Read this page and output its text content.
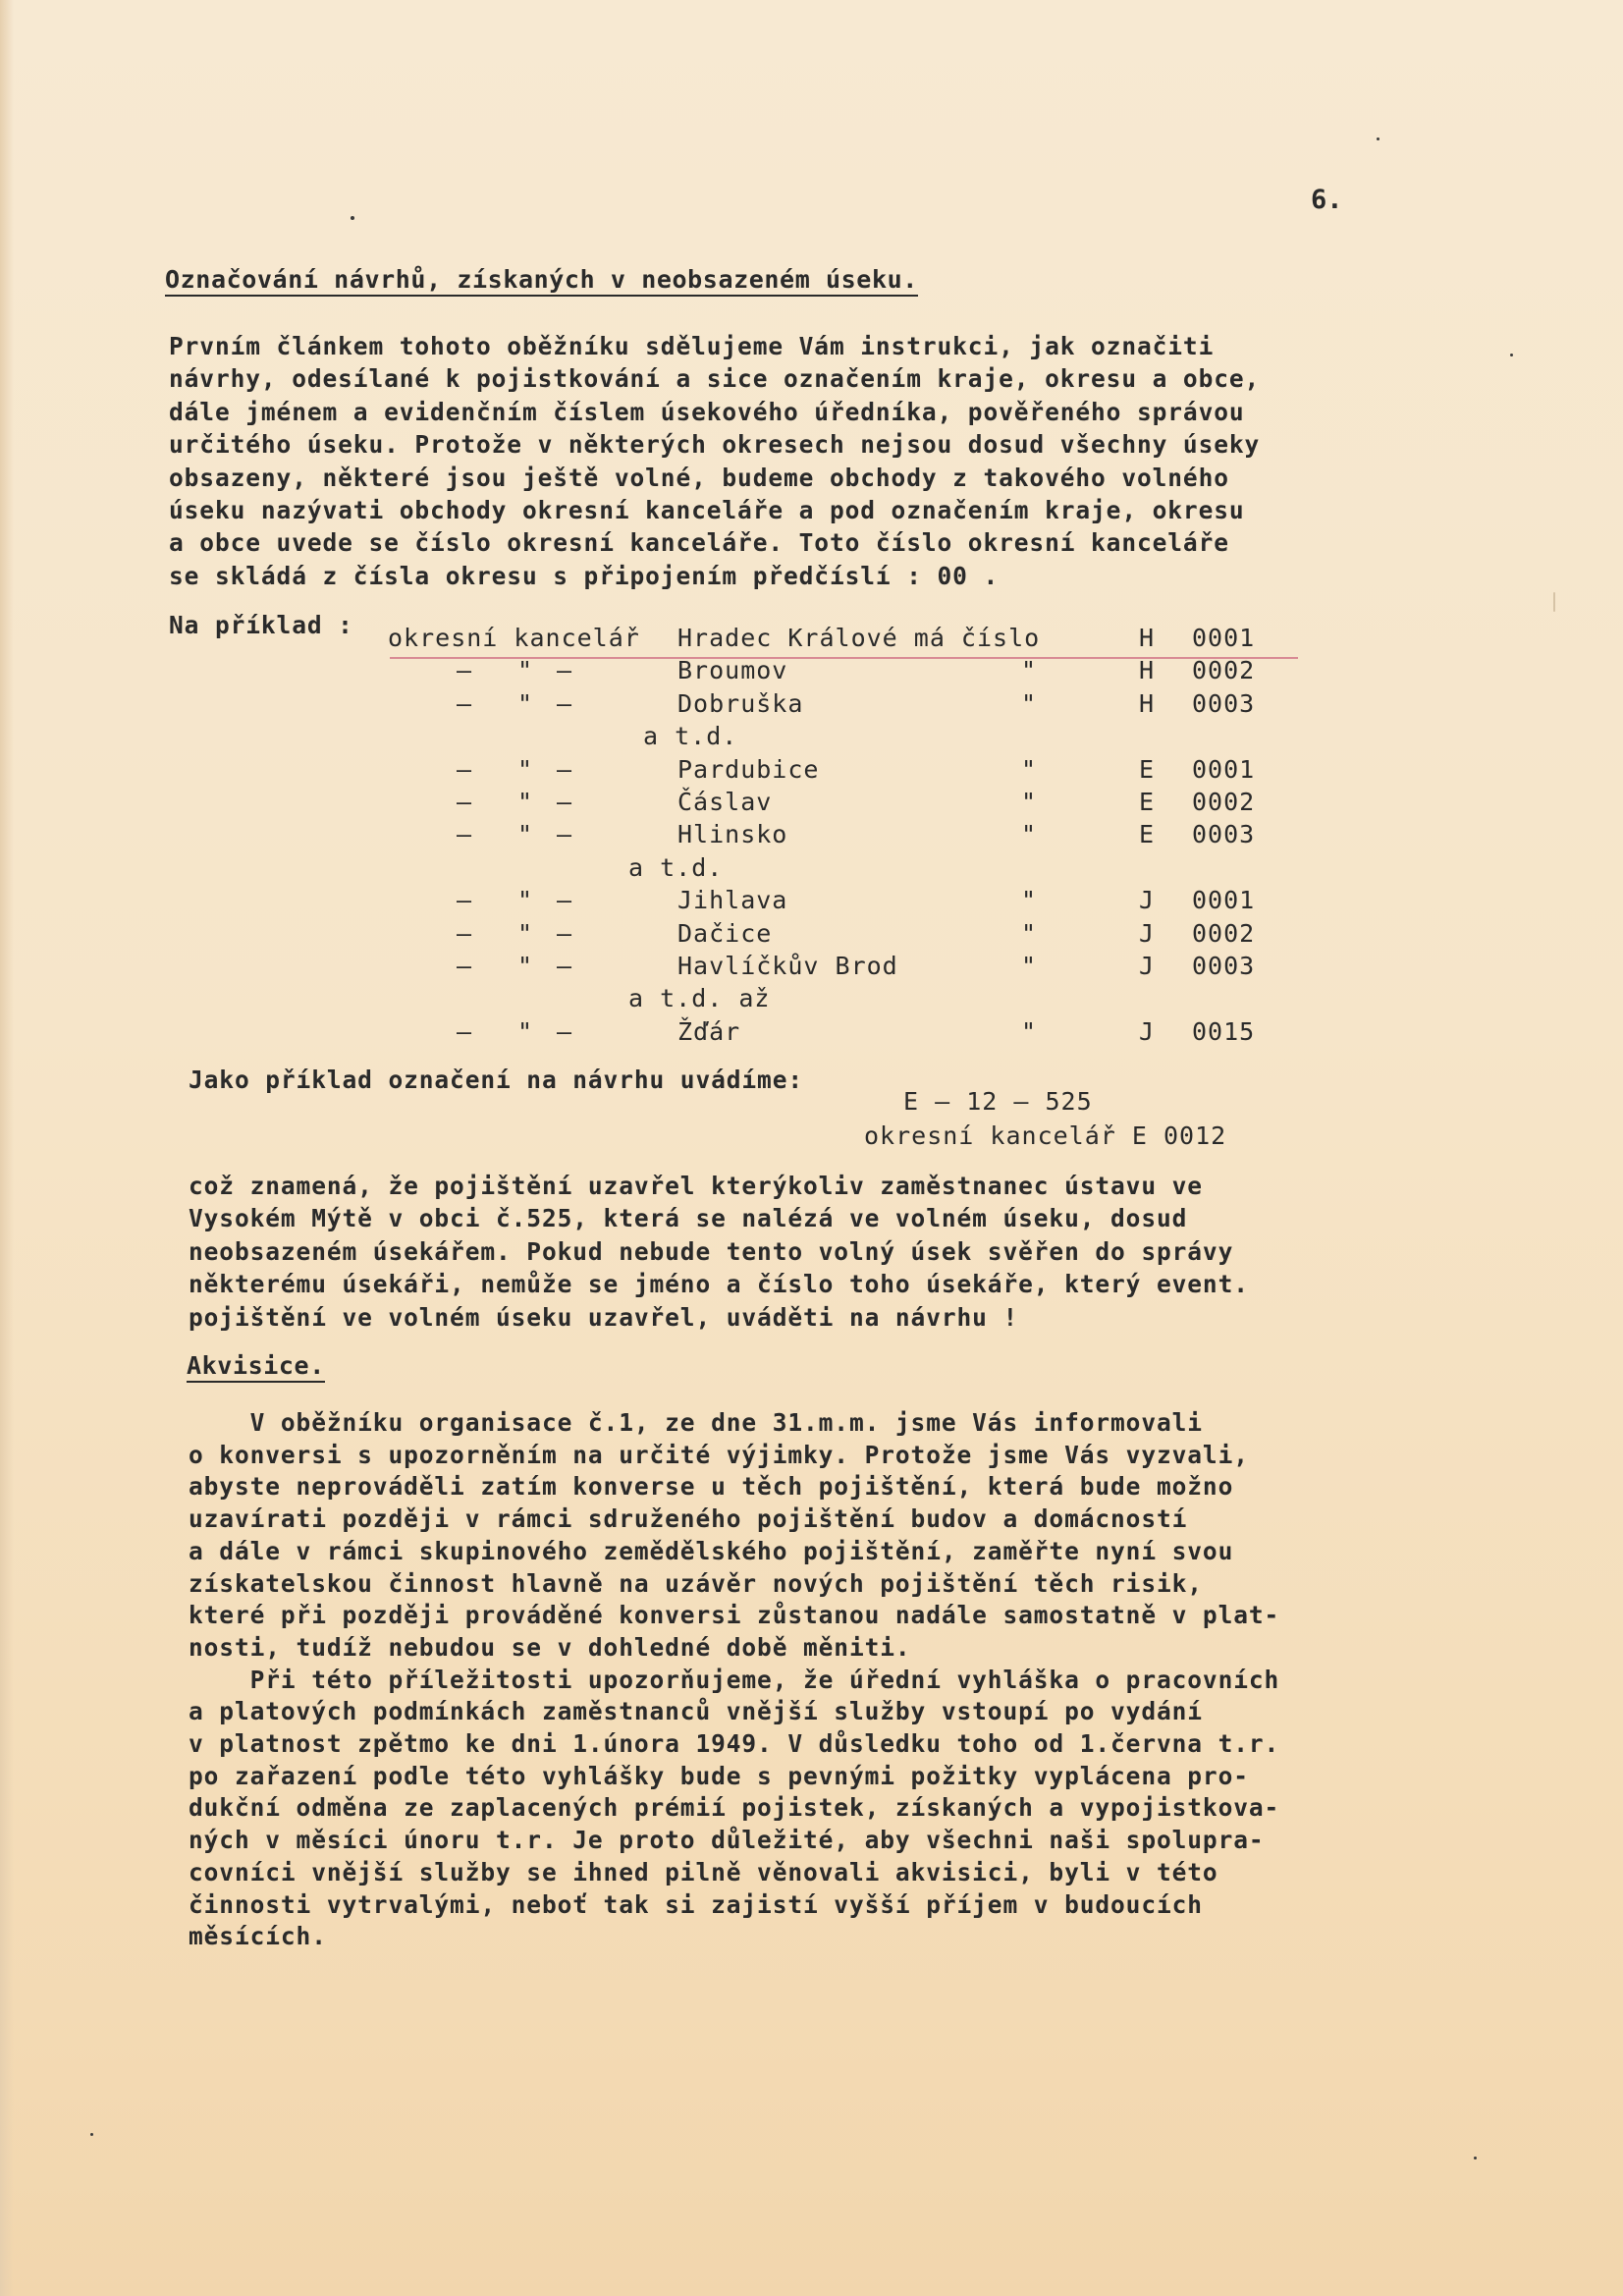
6.
Označování návrhů, získaných v neobsazeném úseku.

Prvním článkem tohoto oběžníku sdělujeme Vám instrukci, jak označiti
návrhy, odesílané k pojistkování a sice označením kraje, okresu a obce,
dále jménem a evidenčním číslem úsekového úředníka, pověřeného správou
určitého úseku. Protože v některých okresech nejsou dosud všechny úseky
obsazeny, některé jsou ještě volné, budeme obchody z takového volného
úseku nazývati obchody okresní kanceláře a pod označením kraje, okresu
a obce uvede se číslo okresní kanceláře. Toto číslo okresní kanceláře
se skládá z čísla okresu s připojením předčíslí : 00 .

Na příklad : okresní kancelář Hradec Králové má číslo	H 0001
– " –	Broumov	"	H 0002
– " –	Dobruška	"	H 0003
a t.d.
– " –	Pardubice	"	E 0001
– " –	Čáslav	"	E 0002
– " –	Hlinsko	"	E 0003
a t.d.
– " –	Jihlava	"	J 0001
– " –	Dačice	"	J 0002
– " –	Havlíčkův Brod	"	J 0003
a t.d. až
– " –	Žďár	"	J 0015
Jako příklad označení na návrhu uvádíme:
E – 12 – 525
okresní kancelář E 0012

což znamená, že pojištění uzavřel kterýkoliv zaměstnanec ústavu ve
Vysokém Mýtě v obci č.525, která se nalézá ve volném úseku, dosud
neobsazeném úsekářem. Pokud nebude tento volný úsek svěřen do správy
některému úsekáři, nemůže se jméno a číslo toho úsekáře, který event.
pojištění ve volném úseku uzavřel, uváděti na návrhu !

Akvisice.

V oběžníku organisace č.1, ze dne 31.m.m. jsme Vás informovali
o konversi s upozorněním na určité výjimky. Protože jsme Vás vyzvali,
abyste neprováděli zatím konverse u těch pojištění, která bude možno
uzavírati později v rámci sdruženého pojištění budov a domácností
a dále v rámci skupinového zemědělského pojištění, zaměřte nyní svou
získatelskou činnost hlavně na uzávěr nových pojištění těch risik,
které při později prováděné konversi zůstanou nadále samostatně v plat-
nosti, tudíž nebudou se v dohledné době měniti.
Při této příležitosti upozorňujeme, že úřední vyhláška o pracovních
a platových podmínkách zaměstnanců vnější služby vstoupí po vydání
v platnost zpětmo ke dni 1.února 1949. V důsledku toho od 1.června t.r.
po zařazení podle této vyhlášky bude s pevnými požitky vyplácena pro-
dukční odměna ze zaplacených prémií pojistek, získaných a vypojistkova-
ných v měsíci únoru t.r. Je proto důležité, aby všechni naši spolupra-
covníci vnější služby se ihned pilně věnovali akvisici, byli v této
činnosti vytrvalými, neboť tak si zajistí vyšší příjem v budoucích
měsících.
